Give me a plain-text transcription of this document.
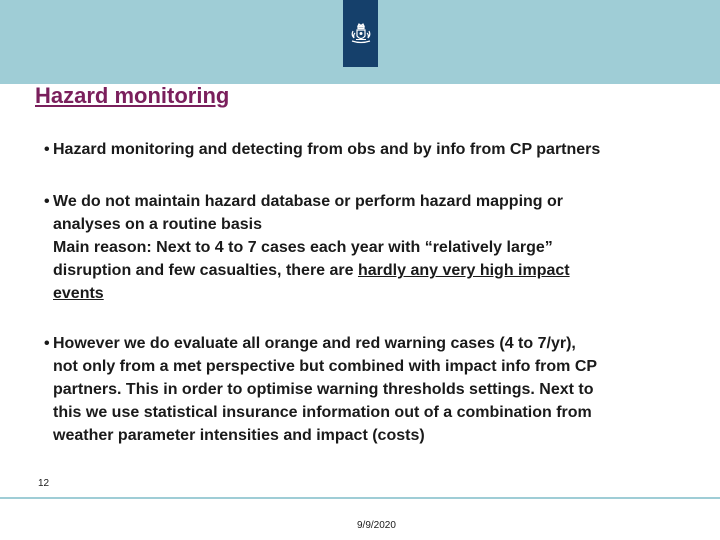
Hazard monitoring
• Hazard monitoring and detecting from obs and by info from CP partners
• We do not maintain hazard database or perform hazard mapping or
analyses on a routine basis
Main reason: Next to 4 to 7 cases each year with “relatively large”
disruption and few casualties, there are hardly any very high impact
events
• However we do evaluate all orange and red warning cases (4 to 7/yr),
not only from a met perspective but combined with impact info from CP
partners. This in order to optimise warning thresholds settings. Next to
this we use statistical insurance information out of a combination from
weather parameter intensities and impact (costs)
12
9/9/2020
